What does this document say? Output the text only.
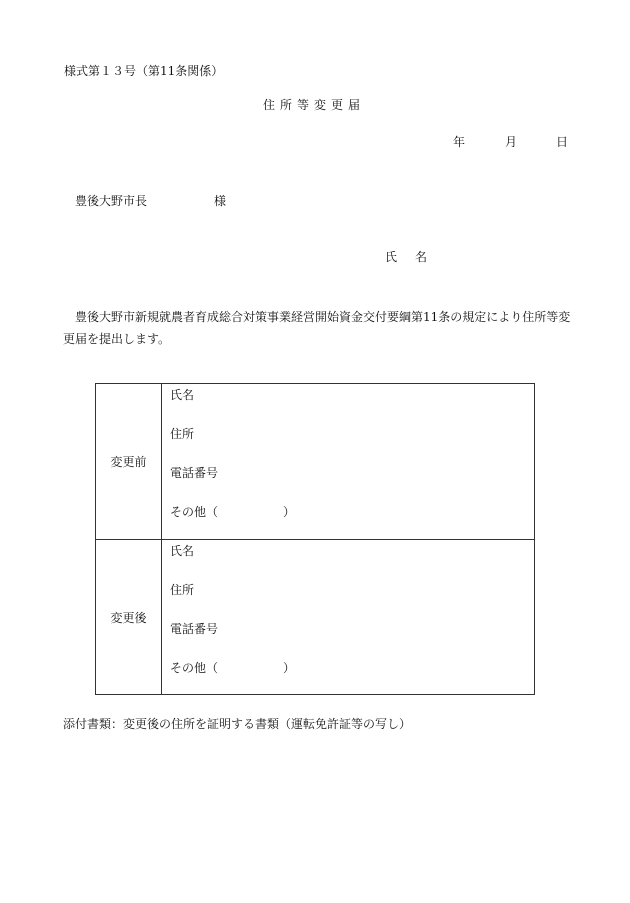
様式第１３号（第11条関係）
住所等変更届
年	月	日
豊後大野市長	様
氏名
豊後大野市新規就農者育成総合対策事業経営開始資金交付要綱第11条の規定により住所等変更届を提出します。
変更前
氏名
住所
電話番号
その他（	）
変更後
氏名
住所
電話番号
その他（	）
添付書類：変更後の住所を証明する書類（運転免許証等の写し）
